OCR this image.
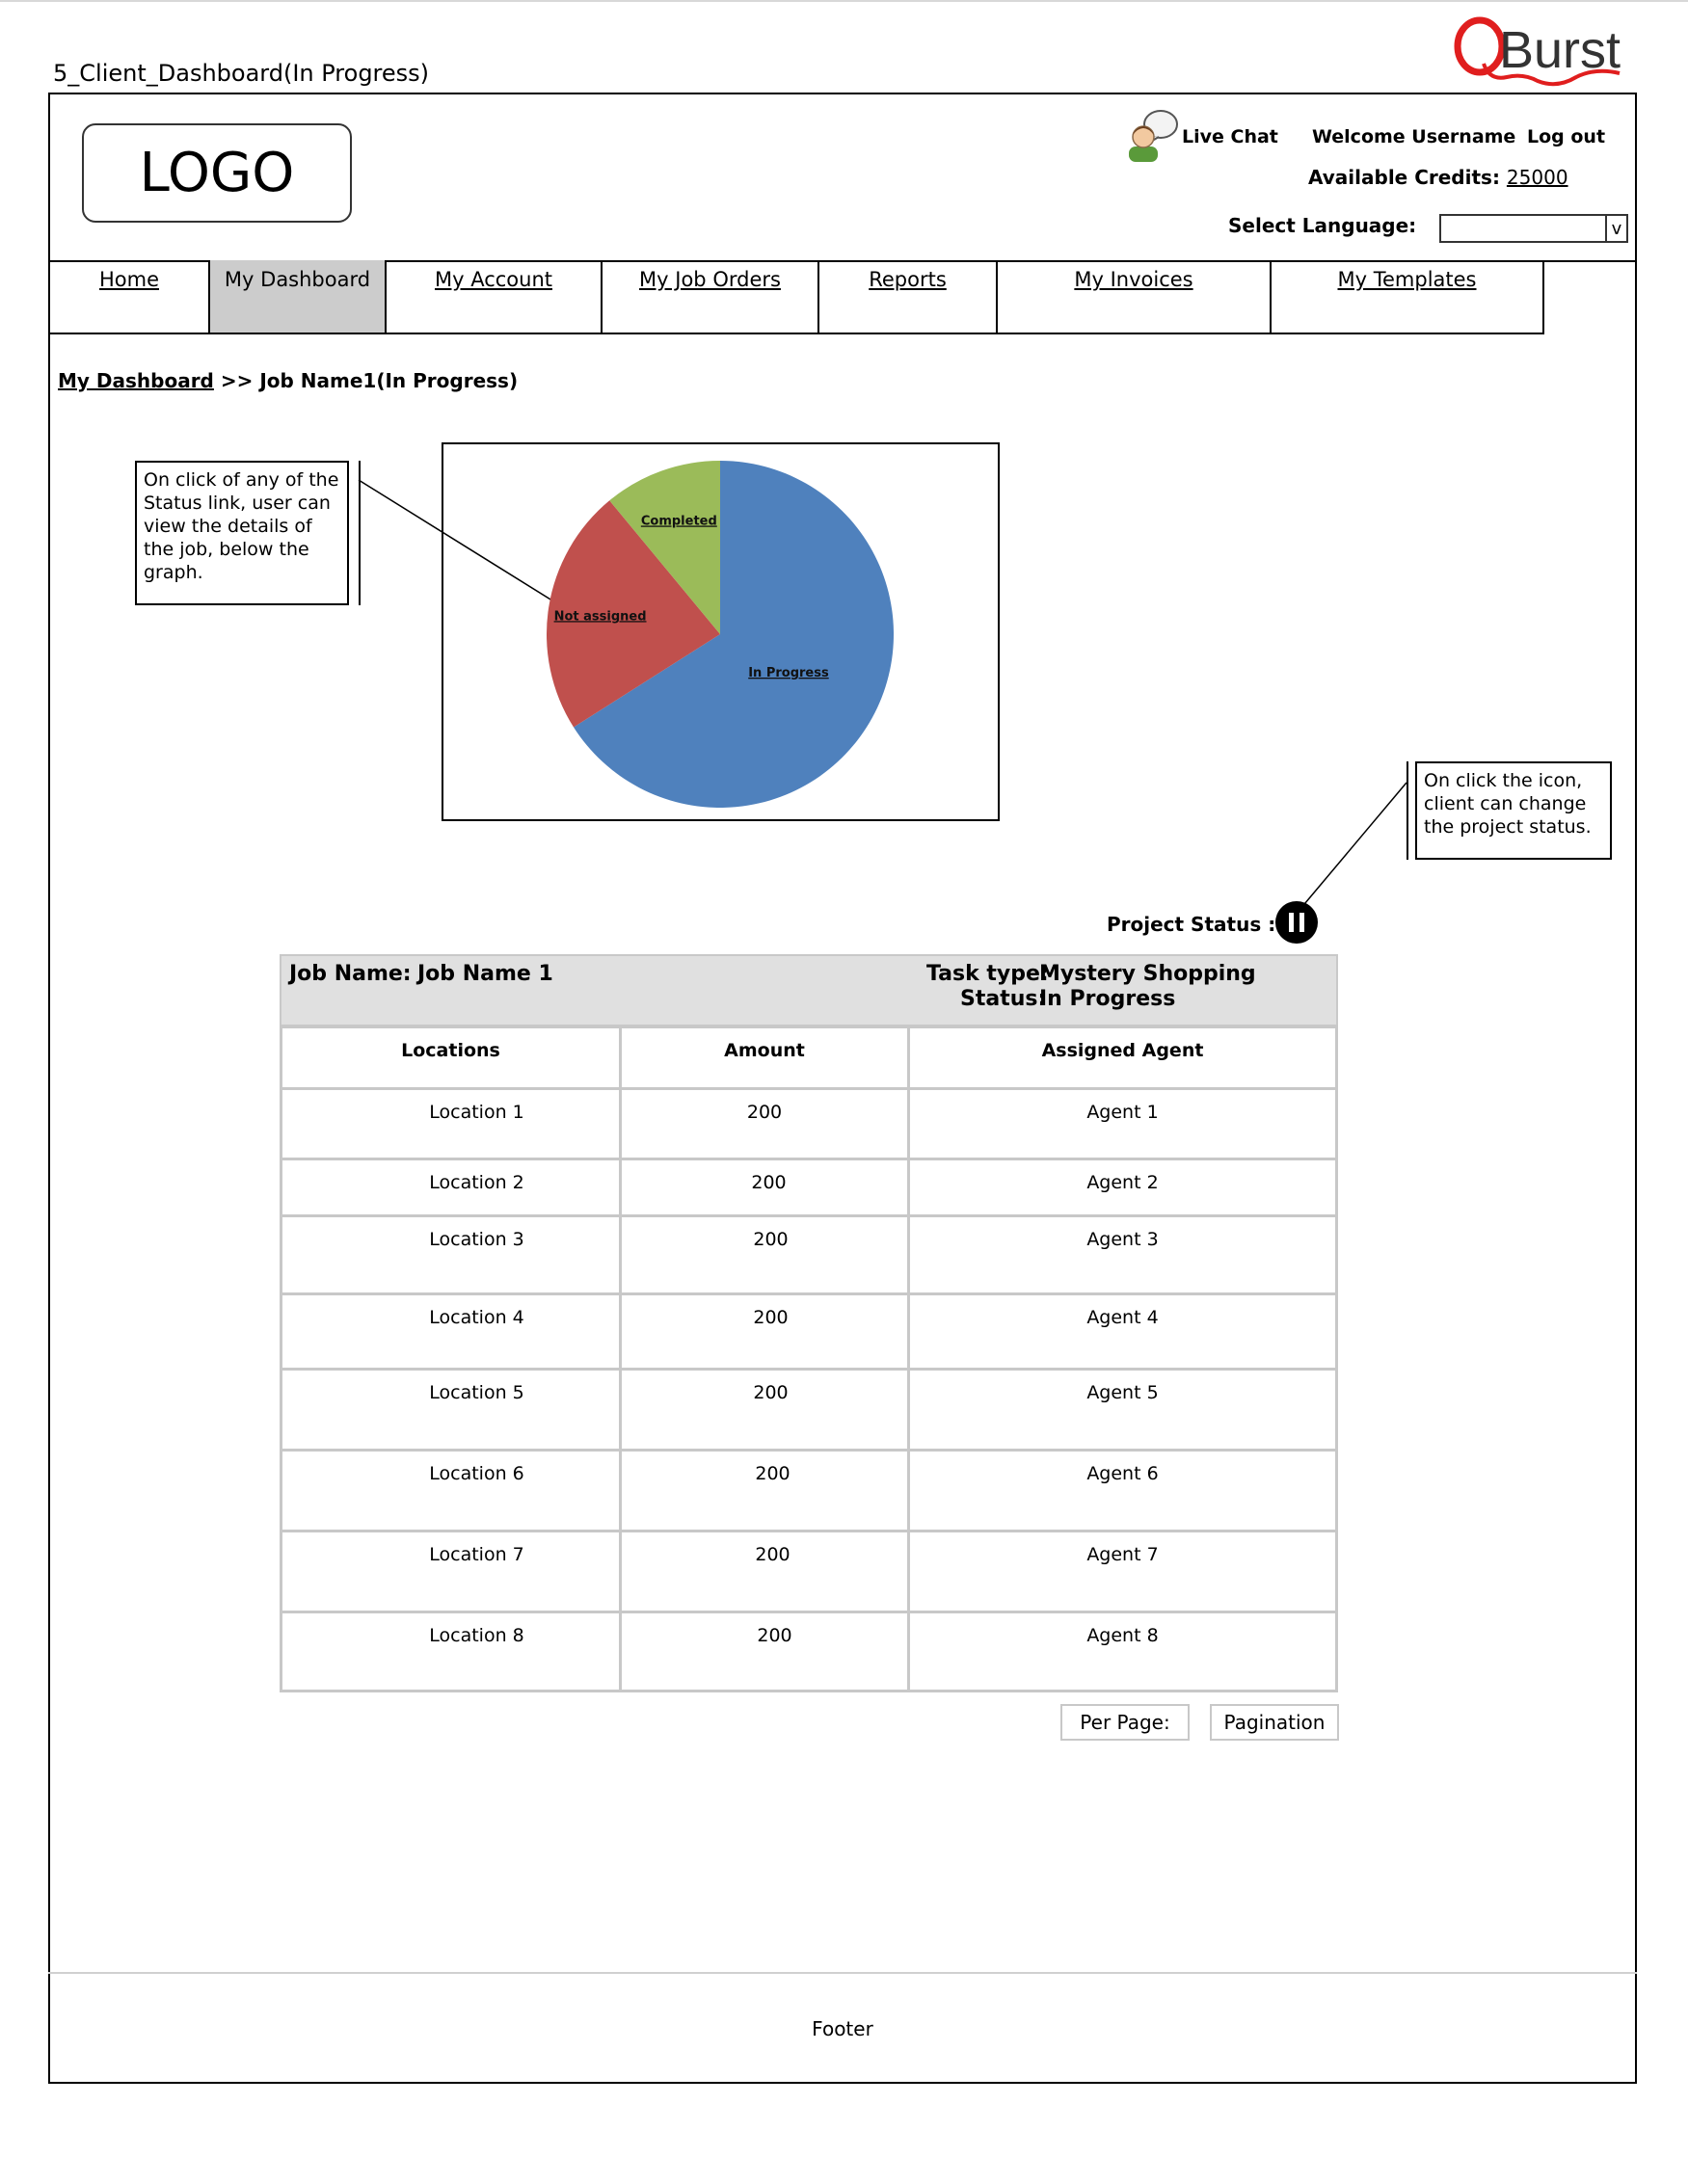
5_Client_Dashboard(In Progress)	Burst
LOGO
Live Chat Welcome Username Log out
Available Credits: 25000
Select Language:	v
Home	My Dashboard	My Account	My Job Orders	Reports	My Invoices	My Templates
My Dashboard >> Job Name1(In Progress)
On click of any of the Status link, user can view the details of the job, below the graph.
On click the icon, client can change the project status.
In Progress
Not assigned
Completed
Project Status :
Job Name: Job Name 1	Task type:
Mystery Shopping
Status:
In Progress
Locations	Amount	Assigned Agent
Location 1	200	Agent 1
Location 2	200	Agent 2
Location 3	200	Agent 3
Location 4	200	Agent 4
Location 5	200	Agent 5
Location 6	200	Agent 6
Location 7	200	Agent 7
Location 8	200	Agent 8
Per Page:	Pagination
Footer
